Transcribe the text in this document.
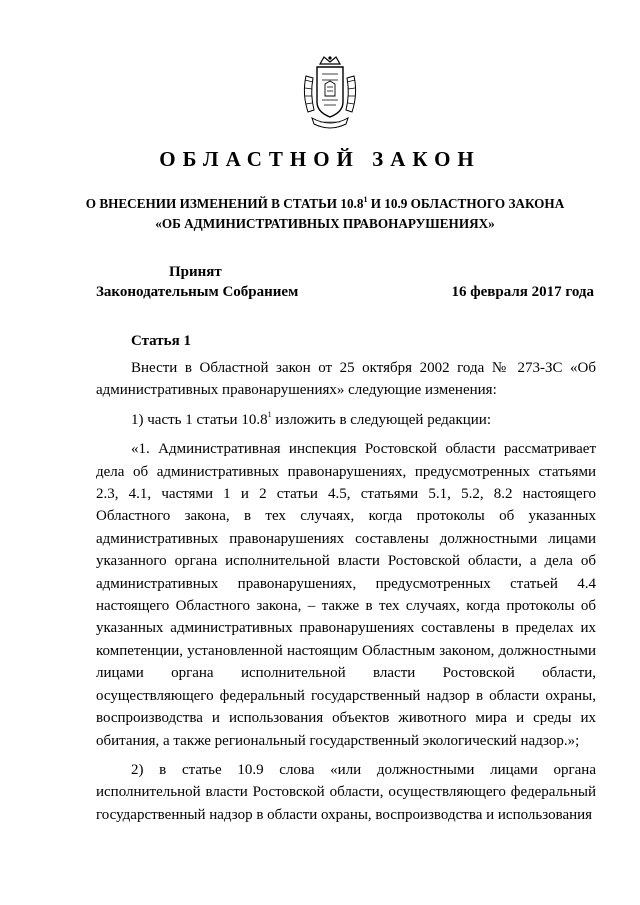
ОБЛАСТНОЙ ЗАКОН
О ВНЕСЕНИИ ИЗМЕНЕНИЙ В СТАТЬИ 10.8$^1$ И 10.9 ОБЛАСТНОГО ЗАКОНА «ОБ АДМИНИСТРАТИВНЫХ ПРАВОНАРУШЕНИЯХ»
Принят
Законодательным Собранием	16 февраля 2017 года
Статья 1

Внести в Областной закон от 25 октября 2002 года № 273-ЗС «Об административных правонарушениях» следующие изменения:

1) часть 1 статьи 10.8$^1$ изложить в следующей редакции:

«1. Административная инспекция Ростовской области рассматривает дела об административных правонарушениях, предусмотренных статьями 2.3, 4.1, частями 1 и 2 статьи 4.5, статьями 5.1, 5.2, 8.2 настоящего Областного закона, в тех случаях, когда протоколы об указанных административных правонарушениях составлены должностными лицами указанного органа исполнительной власти Ростовской области, а дела об административных правонарушениях, предусмотренных статьей 4.4 настоящего Областного закона, – также в тех случаях, когда протоколы об указанных административных правонарушениях составлены в пределах их компетенции, установленной настоящим Областным законом, должностными лицами органа исполнительной власти Ростовской области, осуществляющего федеральный государственный надзор в области охраны, воспроизводства и использования объектов животного мира и среды их обитания, а также региональный государственный экологический надзор.»;

2) в статье 10.9 слова «или должностными лицами органа исполнительной власти Ростовской области, осуществляющего федеральный государственный надзор в области охраны, воспроизводства и использования
